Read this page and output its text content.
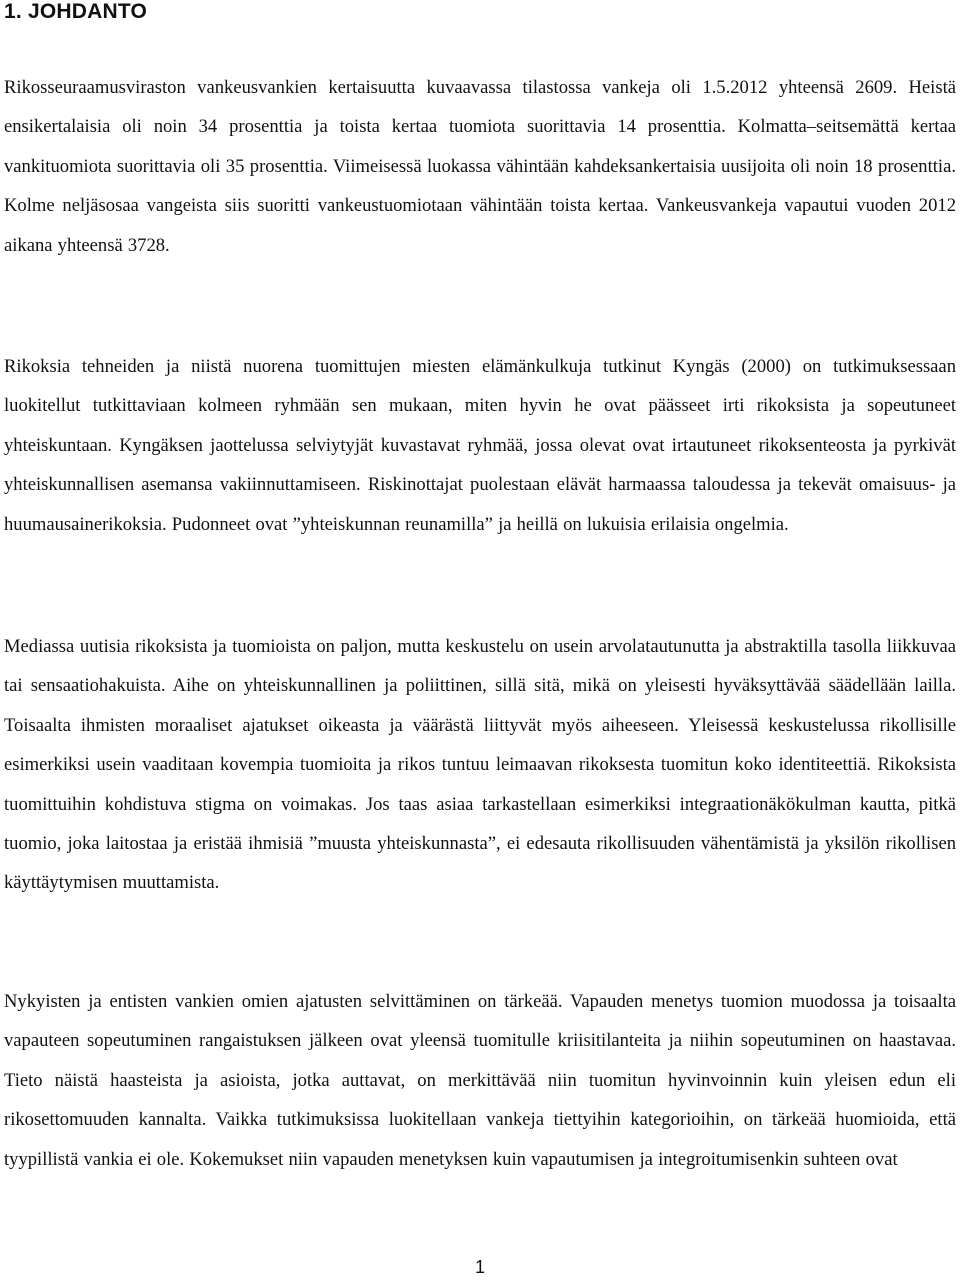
1. JOHDANTO

Rikosseuraamusviraston vankeusvankien kertaisuutta kuvaavassa tilastossa vankeja oli 1.5.2012 yhteensä 2609. Heistä ensikertalaisia oli noin 34 prosenttia ja toista kertaa tuomiota suorittavia 14 prosenttia. Kolmatta–seitsemättä kertaa vankituomiota suorittavia oli 35 prosenttia. Viimeisessä luokassa vähintään kahdeksankertaisia uusijoita oli noin 18 prosenttia. Kolme neljäsosaa vangeista siis suoritti vankeustuomiotaan vähintään toista kertaa. Vankeusvankeja vapautui vuoden 2012 aikana yhteensä 3728.

Rikoksia tehneiden ja niistä nuorena tuomittujen miesten elämänkulkuja tutkinut Kyngäs (2000) on tutkimuksessaan luokitellut tutkittaviaan kolmeen ryhmään sen mukaan, miten hyvin he ovat päässeet irti rikoksista ja sopeutuneet yhteiskuntaan. Kyngäksen jaottelussa selviytyjät kuvastavat ryhmää, jossa olevat ovat irtautuneet rikoksenteosta ja pyrkivät yhteiskunnallisen asemansa vakiinnuttamiseen. Riskinottajat puolestaan elävät harmaassa taloudessa ja tekevät omaisuus- ja huumausainerikoksia. Pudonneet ovat ”yhteiskunnan reunamilla” ja heillä on lukuisia erilaisia ongelmia.

Mediassa uutisia rikoksista ja tuomioista on paljon, mutta keskustelu on usein arvolatautunutta ja abstraktilla tasolla liikkuvaa tai sensaatiohakuista. Aihe on yhteiskunnallinen ja poliittinen, sillä sitä, mikä on yleisesti hyväksyttävää säädellään lailla. Toisaalta ihmisten moraaliset ajatukset oikeasta ja väärästä liittyvät myös aiheeseen. Yleisessä keskustelussa rikollisille esimerkiksi usein vaaditaan kovempia tuomioita ja rikos tuntuu leimaavan rikoksesta tuomitun koko identiteettiä. Rikoksista tuomittuihin kohdistuva stigma on voimakas. Jos taas asiaa tarkastellaan esimerkiksi integraationäkökulman kautta, pitkä tuomio, joka laitostaa ja eristää ihmisiä ”muusta yhteiskunnasta”, ei edesauta rikollisuuden vähentämistä ja yksilön rikollisen käyttäytymisen muuttamista.

Nykyisten ja entisten vankien omien ajatusten selvittäminen on tärkeää. Vapauden menetys tuomion muodossa ja toisaalta vapauteen sopeutuminen rangaistuksen jälkeen ovat yleensä tuomitulle kriisitilanteita ja niihin sopeutuminen on haastavaa. Tieto näistä haasteista ja asioista, jotka auttavat, on merkittävää niin tuomitun hyvinvoinnin kuin yleisen edun eli rikosettomuuden kannalta. Vaikka tutkimuksissa luokitellaan vankeja tiettyihin kategorioihin, on tärkeää huomioida, että tyypillistä vankia ei ole. Kokemukset niin vapauden menetyksen kuin vapautumisen ja integroitumisenkin suhteen ovat

1
